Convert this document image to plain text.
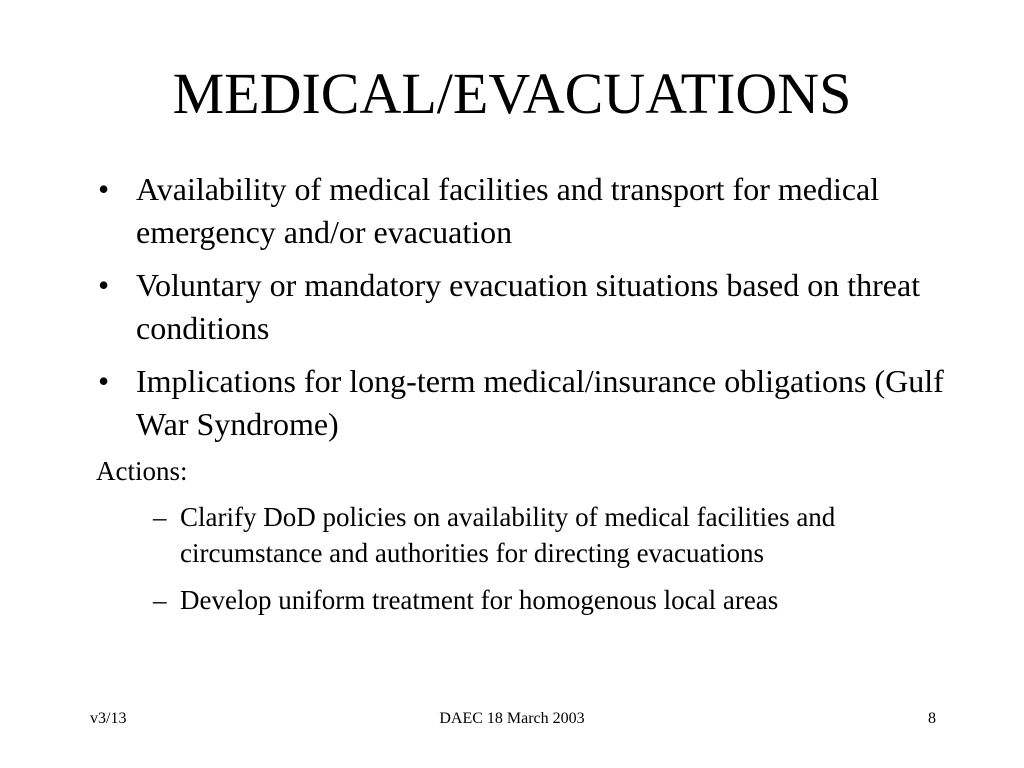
MEDICAL/EVACUATIONS
• Availability of medical facilities and transport for medical emergency and/or evacuation
• Voluntary or mandatory evacuation situations based on threat conditions
• Implications for long-term medical/insurance obligations (Gulf War Syndrome)

Actions:

– Clarify DoD policies on availability of medical facilities and circumstance and authorities for directing evacuations
– Develop uniform treatment for homogenous local areas
v3/13	DAEC 18 March 2003	8
